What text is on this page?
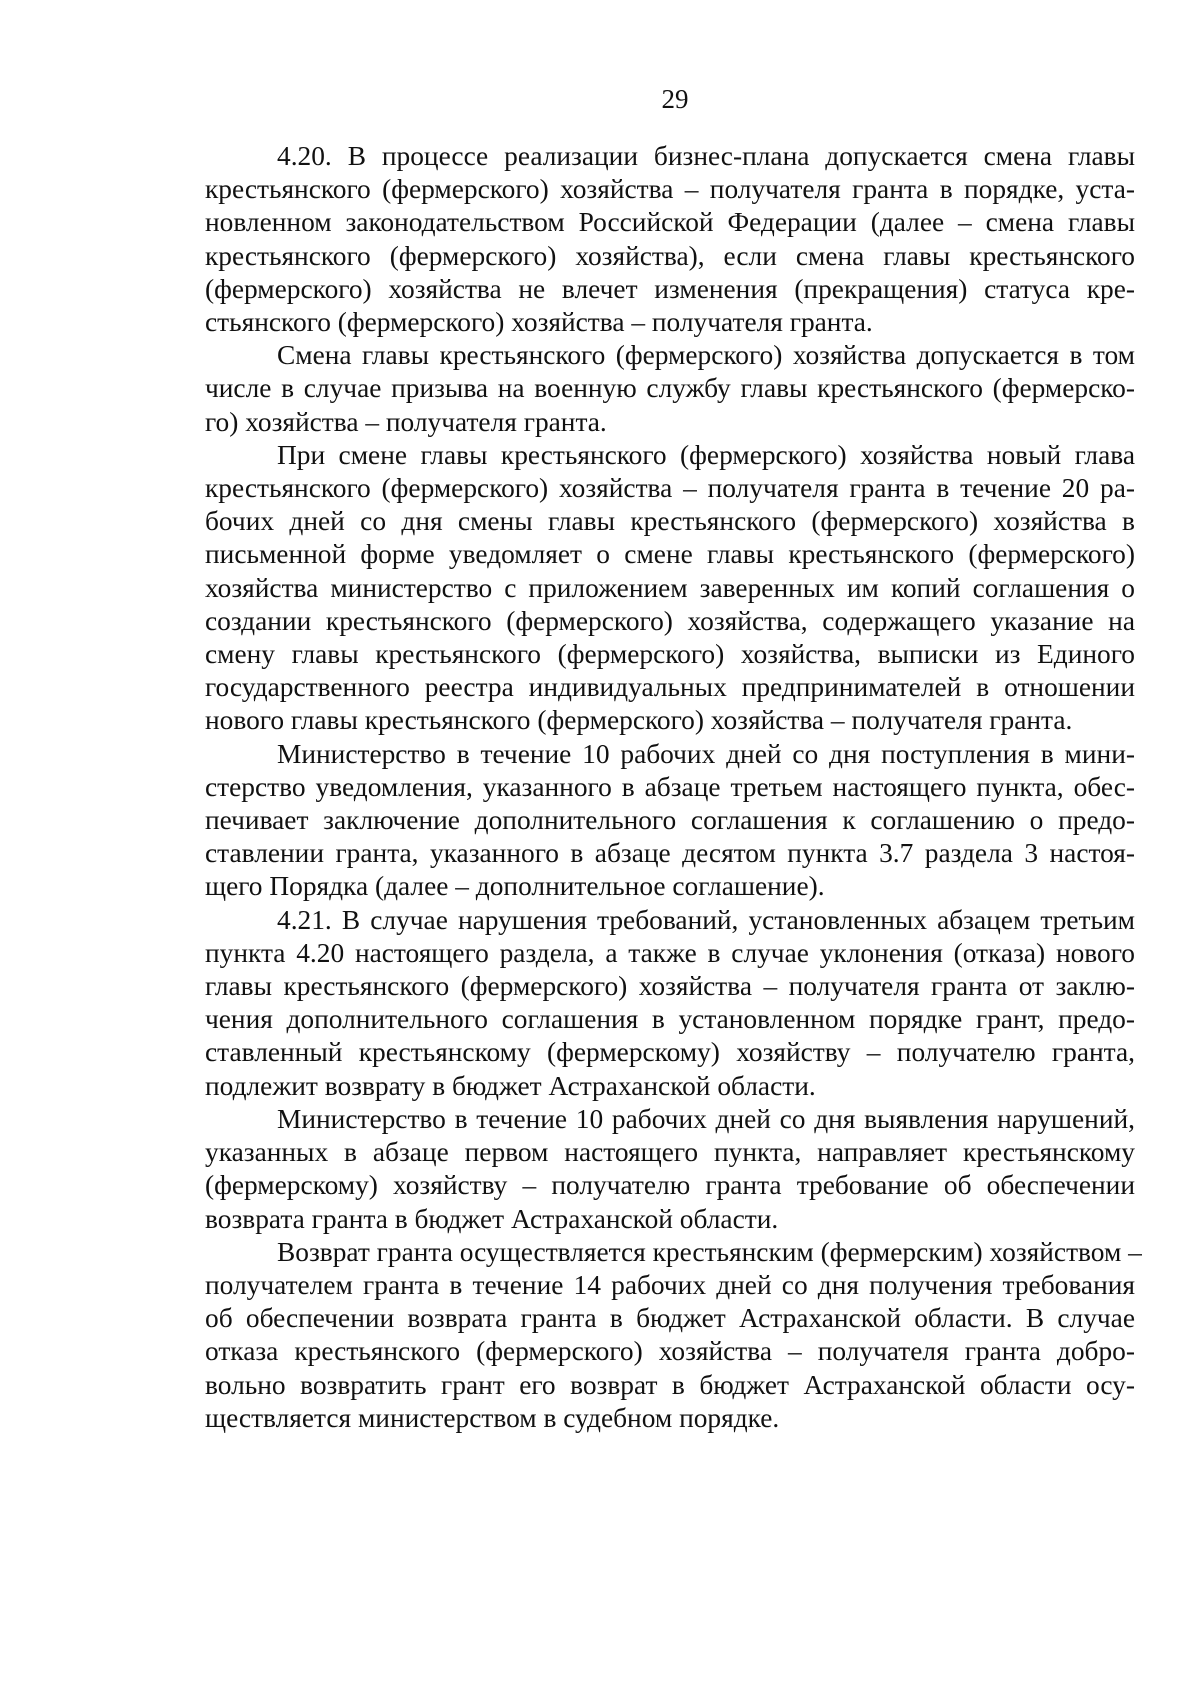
29
4.20. В процессе реализации бизнес-плана допускается смена главы
крестьянского (фермерского) хозяйства – получателя гранта в порядке, уста-
новленном законодательством Российской Федерации (далее – смена главы
крестьянского (фермерского) хозяйства), если смена главы крестьянского
(фермерского) хозяйства не влечет изменения (прекращения) статуса кре-
стьянского (фермерского) хозяйства – получателя гранта.
Смена главы крестьянского (фермерского) хозяйства допускается в том
числе в случае призыва на военную службу главы крестьянского (фермерско-
го) хозяйства – получателя гранта.
При смене главы крестьянского (фермерского) хозяйства новый глава
крестьянского (фермерского) хозяйства – получателя гранта в течение 20 ра-
бочих дней со дня смены главы крестьянского (фермерского) хозяйства в
письменной форме уведомляет о смене главы крестьянского (фермерского)
хозяйства министерство с приложением заверенных им копий соглашения о
создании крестьянского (фермерского) хозяйства, содержащего указание на
смену главы крестьянского (фермерского) хозяйства, выписки из Единого
государственного реестра индивидуальных предпринимателей в отношении
нового главы крестьянского (фермерского) хозяйства – получателя гранта.
Министерство в течение 10 рабочих дней со дня поступления в мини-
стерство уведомления, указанного в абзаце третьем настоящего пункта, обес-
печивает заключение дополнительного соглашения к соглашению о предо-
ставлении гранта, указанного в абзаце десятом пункта 3.7 раздела 3 настоя-
щего Порядка (далее – дополнительное соглашение).
4.21. В случае нарушения требований, установленных абзацем третьим
пункта 4.20 настоящего раздела, а также в случае уклонения (отказа) нового
главы крестьянского (фермерского) хозяйства – получателя гранта от заклю-
чения дополнительного соглашения в установленном порядке грант, предо-
ставленный крестьянскому (фермерскому) хозяйству – получателю гранта,
подлежит возврату в бюджет Астраханской области.
Министерство в течение 10 рабочих дней со дня выявления нарушений,
указанных в абзаце первом настоящего пункта, направляет крестьянскому
(фермерскому) хозяйству – получателю гранта требование об обеспечении
возврата гранта в бюджет Астраханской области.
Возврат гранта осуществляется крестьянским (фермерским) хозяйством –
получателем гранта в течение 14 рабочих дней со дня получения требования
об обеспечении возврата гранта в бюджет Астраханской области. В случае
отказа крестьянского (фермерского) хозяйства – получателя гранта добро-
вольно возвратить грант его возврат в бюджет Астраханской области осу-
ществляется министерством в судебном порядке.
